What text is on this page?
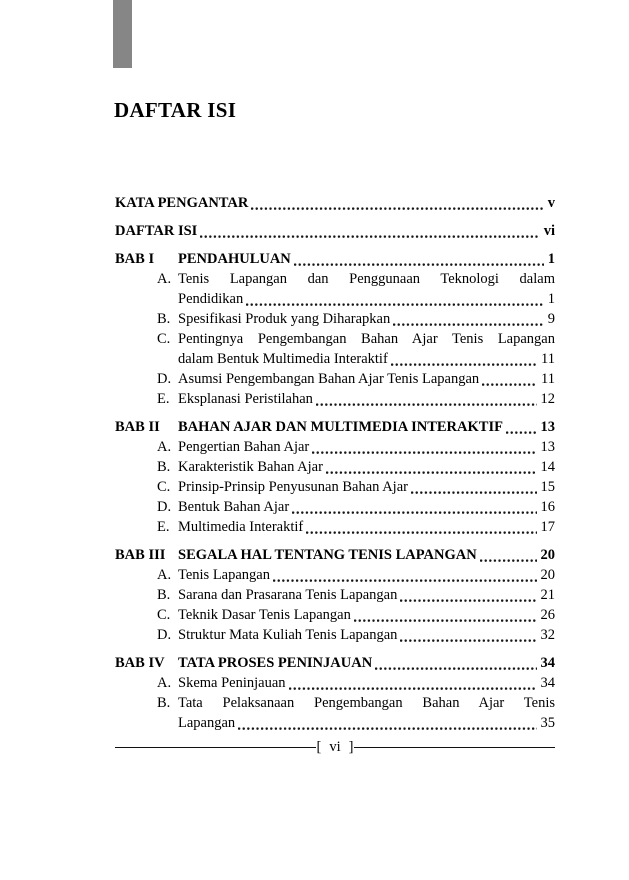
DAFTAR ISI
KATA PENGANTAR	v
DAFTAR ISI	vi
BAB I	PENDAHULUAN	1
A. Tenis Lapangan dan Penggunaan Teknologi dalam
Pendidikan	1
B. Spesifikasi Produk yang Diharapkan	9
C. Pentingnya Pengembangan Bahan Ajar Tenis Lapangan
dalam Bentuk Multimedia Interaktif	11
D. Asumsi Pengembangan Bahan Ajar Tenis Lapangan	11
E. Eksplanasi Peristilahan	12
BAB II	BAHAN AJAR DAN MULTIMEDIA INTERAKTIF	13
A. Pengertian Bahan Ajar	13
B. Karakteristik Bahan Ajar	14
C. Prinsip-Prinsip Penyusunan Bahan Ajar	15
D. Bentuk Bahan Ajar	16
E. Multimedia Interaktif	17
BAB III SEGALA HAL TENTANG TENIS LAPANGAN	20
A. Tenis Lapangan	20
B. Sarana dan Prasarana Tenis Lapangan	21
C. Teknik Dasar Tenis Lapangan	26
D. Struktur Mata Kuliah Tenis Lapangan	32
BAB IV TATA PROSES PENINJAUAN	34
A. Skema Peninjauan	34
B. Tata Pelaksanaan Pengembangan Bahan Ajar Tenis
Lapangan	35
[ vi ]
